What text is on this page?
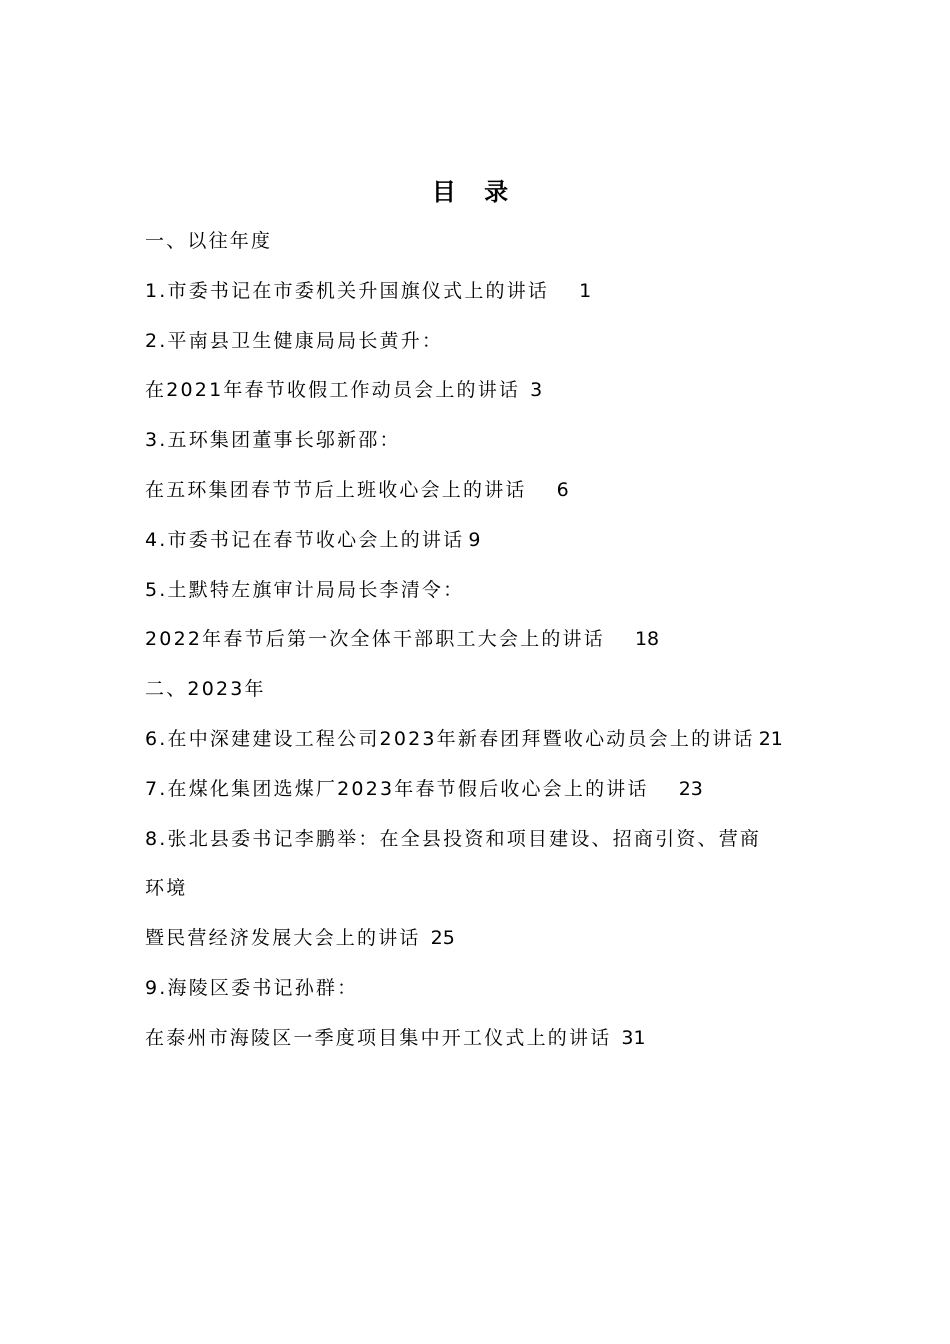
目 录
一、以往年度
1.市委书记在市委机关升国旗仪式上的讲话 1
2.平南县卫生健康局局长黄升：
在2021年春节收假工作动员会上的讲话 3
3.五环集团董事长邬新邵：
在五环集团春节节后上班收心会上的讲话 6
4.市委书记在春节收心会上的讲话 9
5.土默特左旗审计局局长李清令：
2022年春节后第一次全体干部职工大会上的讲话 18
二、2023年
6.在中深建建设工程公司2023年新春团拜暨收心动员会上的讲话 21
7.在煤化集团选煤厂2023年春节假后收心会上的讲话 23
8.张北县委书记李鹏举：在全县投资和项目建设、招商引资、营商
环境
暨民营经济发展大会上的讲话 25
9.海陵区委书记孙群：
在泰州市海陵区一季度项目集中开工仪式上的讲话 31
